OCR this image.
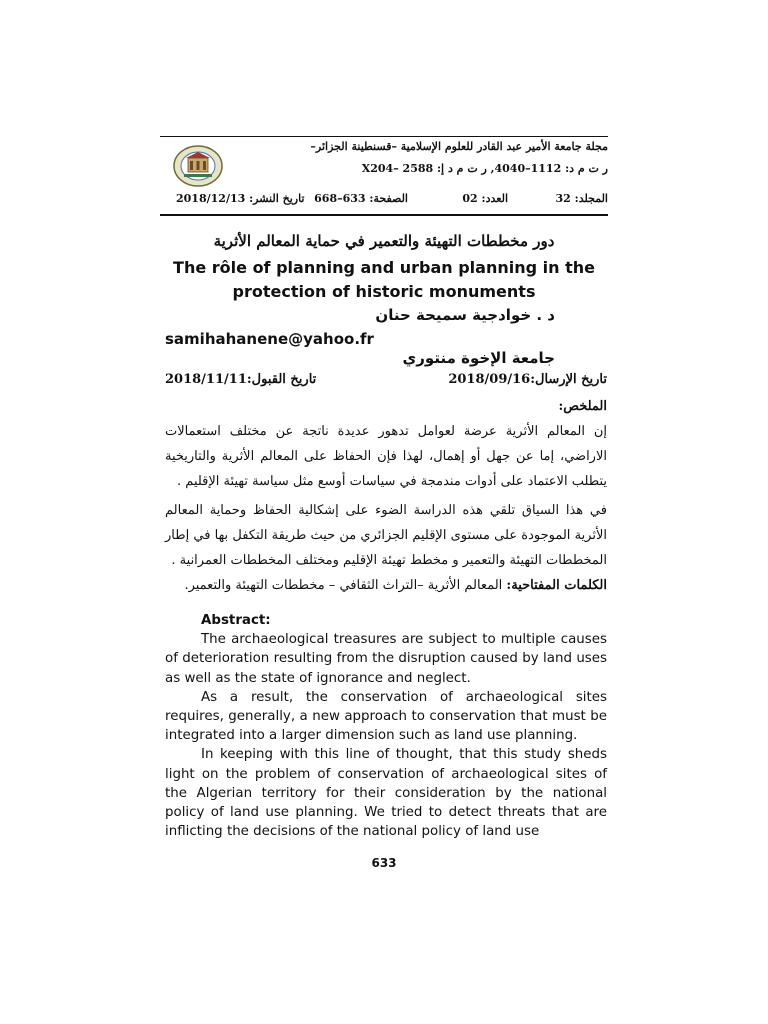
مجلة جامعة الأمير عبد القادر للعلوم الإسلامية –قسنطينة الجزائر–
ر ت م د: 1112–4040, ر ت م د إ: 2588 –X204
المجلد: 32
العدد: 02
الصفحة: 633–668
تاريخ النشر: 2018/12/13
دور مخططات التهيئة والتعمير في حماية المعالم الأثرية
The rôle of planning and urban planning in the
protection of historic monuments
د . خوادجية سميحة حنان
samihahanene@yahoo.fr
جامعة الإخوة منتوري
تاريخ الإرسال:2018/09/16
تاريخ القبول:2018/11/11
الملخص:
إن المعالم الأثرية عرضة لعوامل تدهور عديدة ناتجة عن مختلف استعمالات الاراضي، إما عن جهل أو إهمال، لهذا فإن الحفاظ على المعالم الأثرية والتاريخية يتطلب الاعتماد على أدوات مندمجة في سياسات أوسع مثل سياسة تهيئة الإقليم .
في هذا السياق تلقي هذه الدراسة الضوء على إشكالية الحفاظ وحماية المعالم الأثرية الموجودة على مستوى الإقليم الجزائري من حيث طريقة التكفل بها في إطار المخططات التهيئة والتعمير و مخطط تهيئة الإقليم ومختلف المخططات العمرانية .
الكلمات المفتاحية: المعالم الأثرية –التراث الثقافي – مخططات التهيئة والتعمير.
Abstract:

The archaeological treasures are subject to multiple causes of deterioration resulting from the disruption caused by land uses as well as the state of ignorance and neglect.

As a result, the conservation of archaeological sites requires, generally, a new approach to conservation that must be integrated into a larger dimension such as land use planning.

In keeping with this line of thought, that this study sheds light on the problem of conservation of archaeological sites of the Algerian territory for their consideration by the national policy of land use planning. We tried to detect threats that are inflicting the decisions of the national policy of land use

633
